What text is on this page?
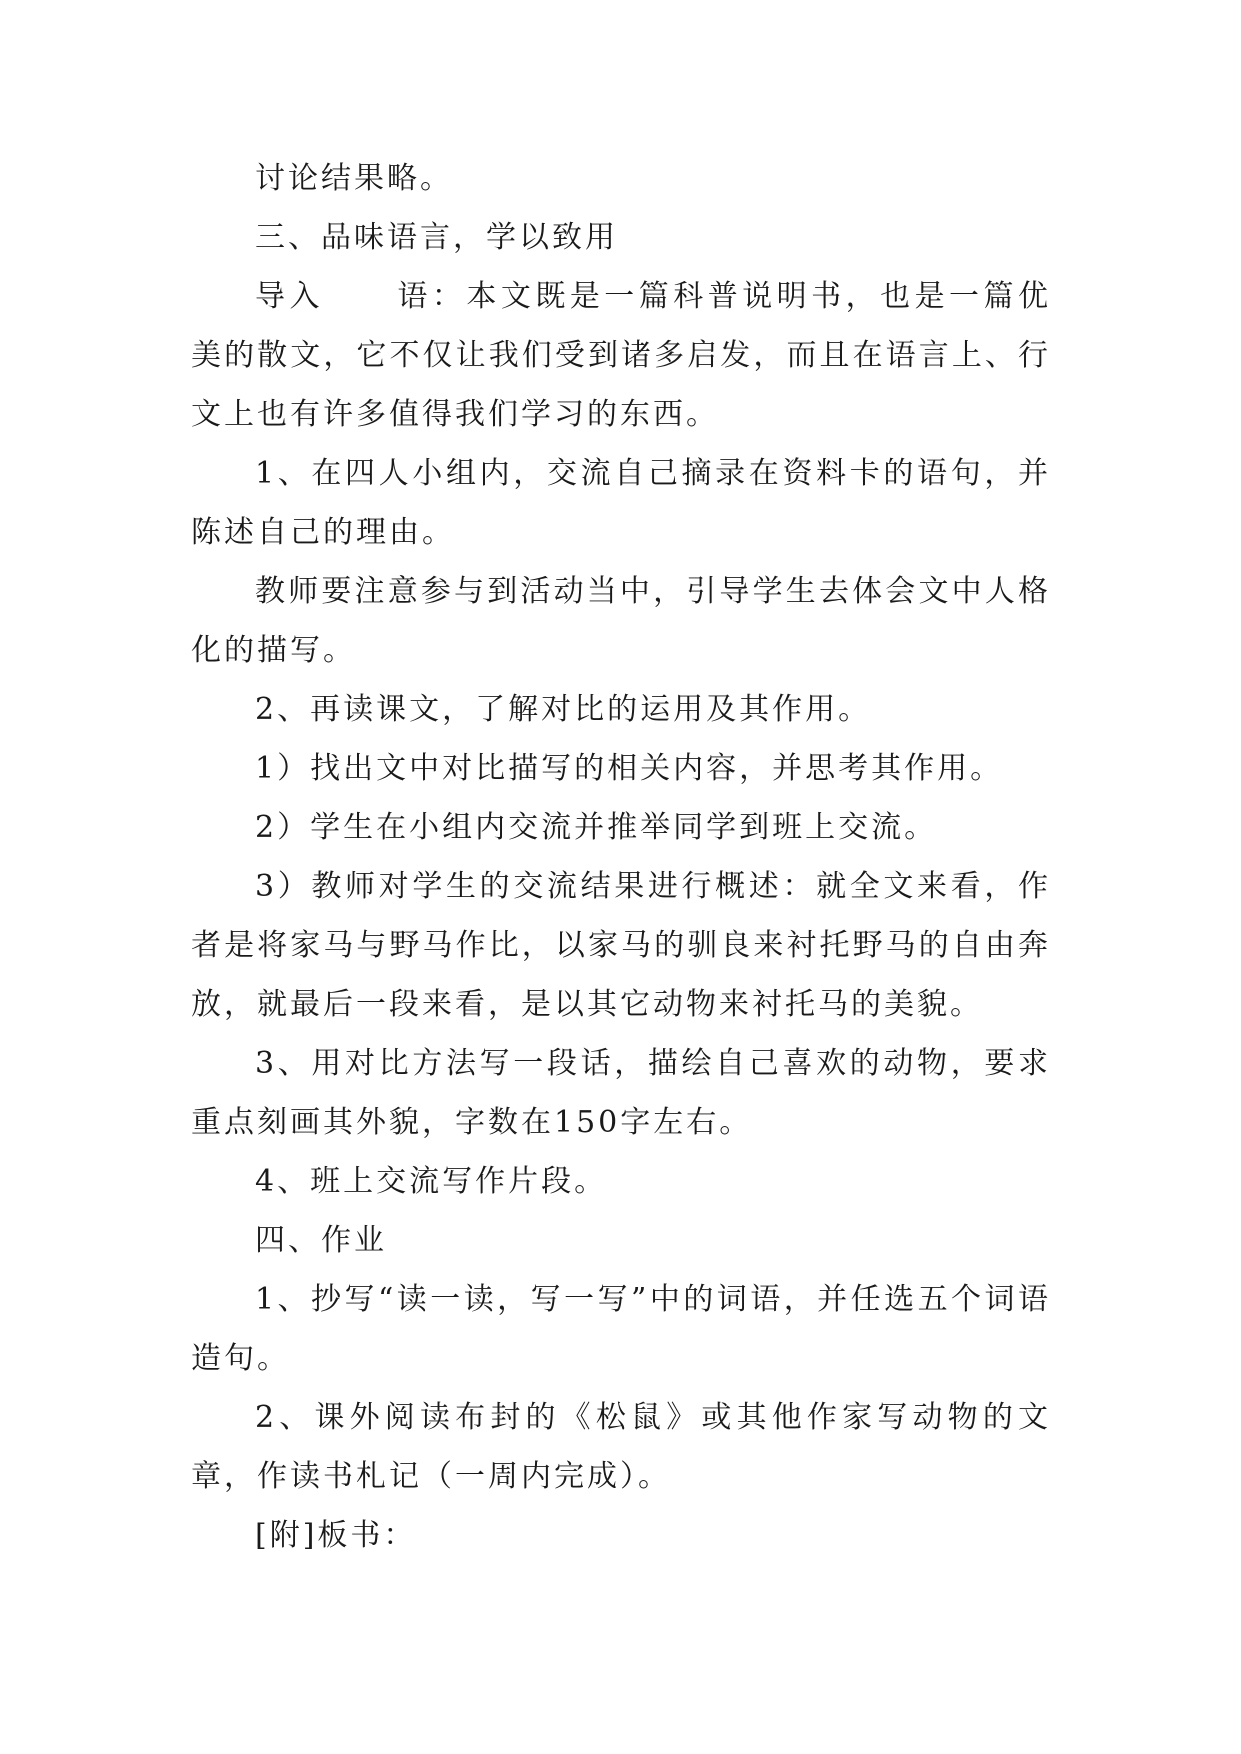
讨论结果略。

三、品味语言，学以致用

导入 语：本文既是一篇科普说明书，也是一篇优美的散文，它不仅让我们受到诸多启发，而且在语言上、行文上也有许多值得我们学习的东西。

1、在四人小组内，交流自己摘录在资料卡的语句，并陈述自己的理由。

教师要注意参与到活动当中，引导学生去体会文中人格化的描写。

2、再读课文，了解对比的运用及其作用。

1）找出文中对比描写的相关内容，并思考其作用。

2）学生在小组内交流并推举同学到班上交流。

3）教师对学生的交流结果进行概述：就全文来看，作者是将家马与野马作比，以家马的驯良来衬托野马的自由奔放，就最后一段来看，是以其它动物来衬托马的美貌。

3、用对比方法写一段话，描绘自己喜欢的动物，要求重点刻画其外貌，字数在150字左右。

4、班上交流写作片段。

四、作业

1、抄写“读一读，写一写”中的词语，并任选五个词语造句。

2、课外阅读布封的《松鼠》或其他作家写动物的文章，作读书札记（一周内完成）。

[附]板书：
